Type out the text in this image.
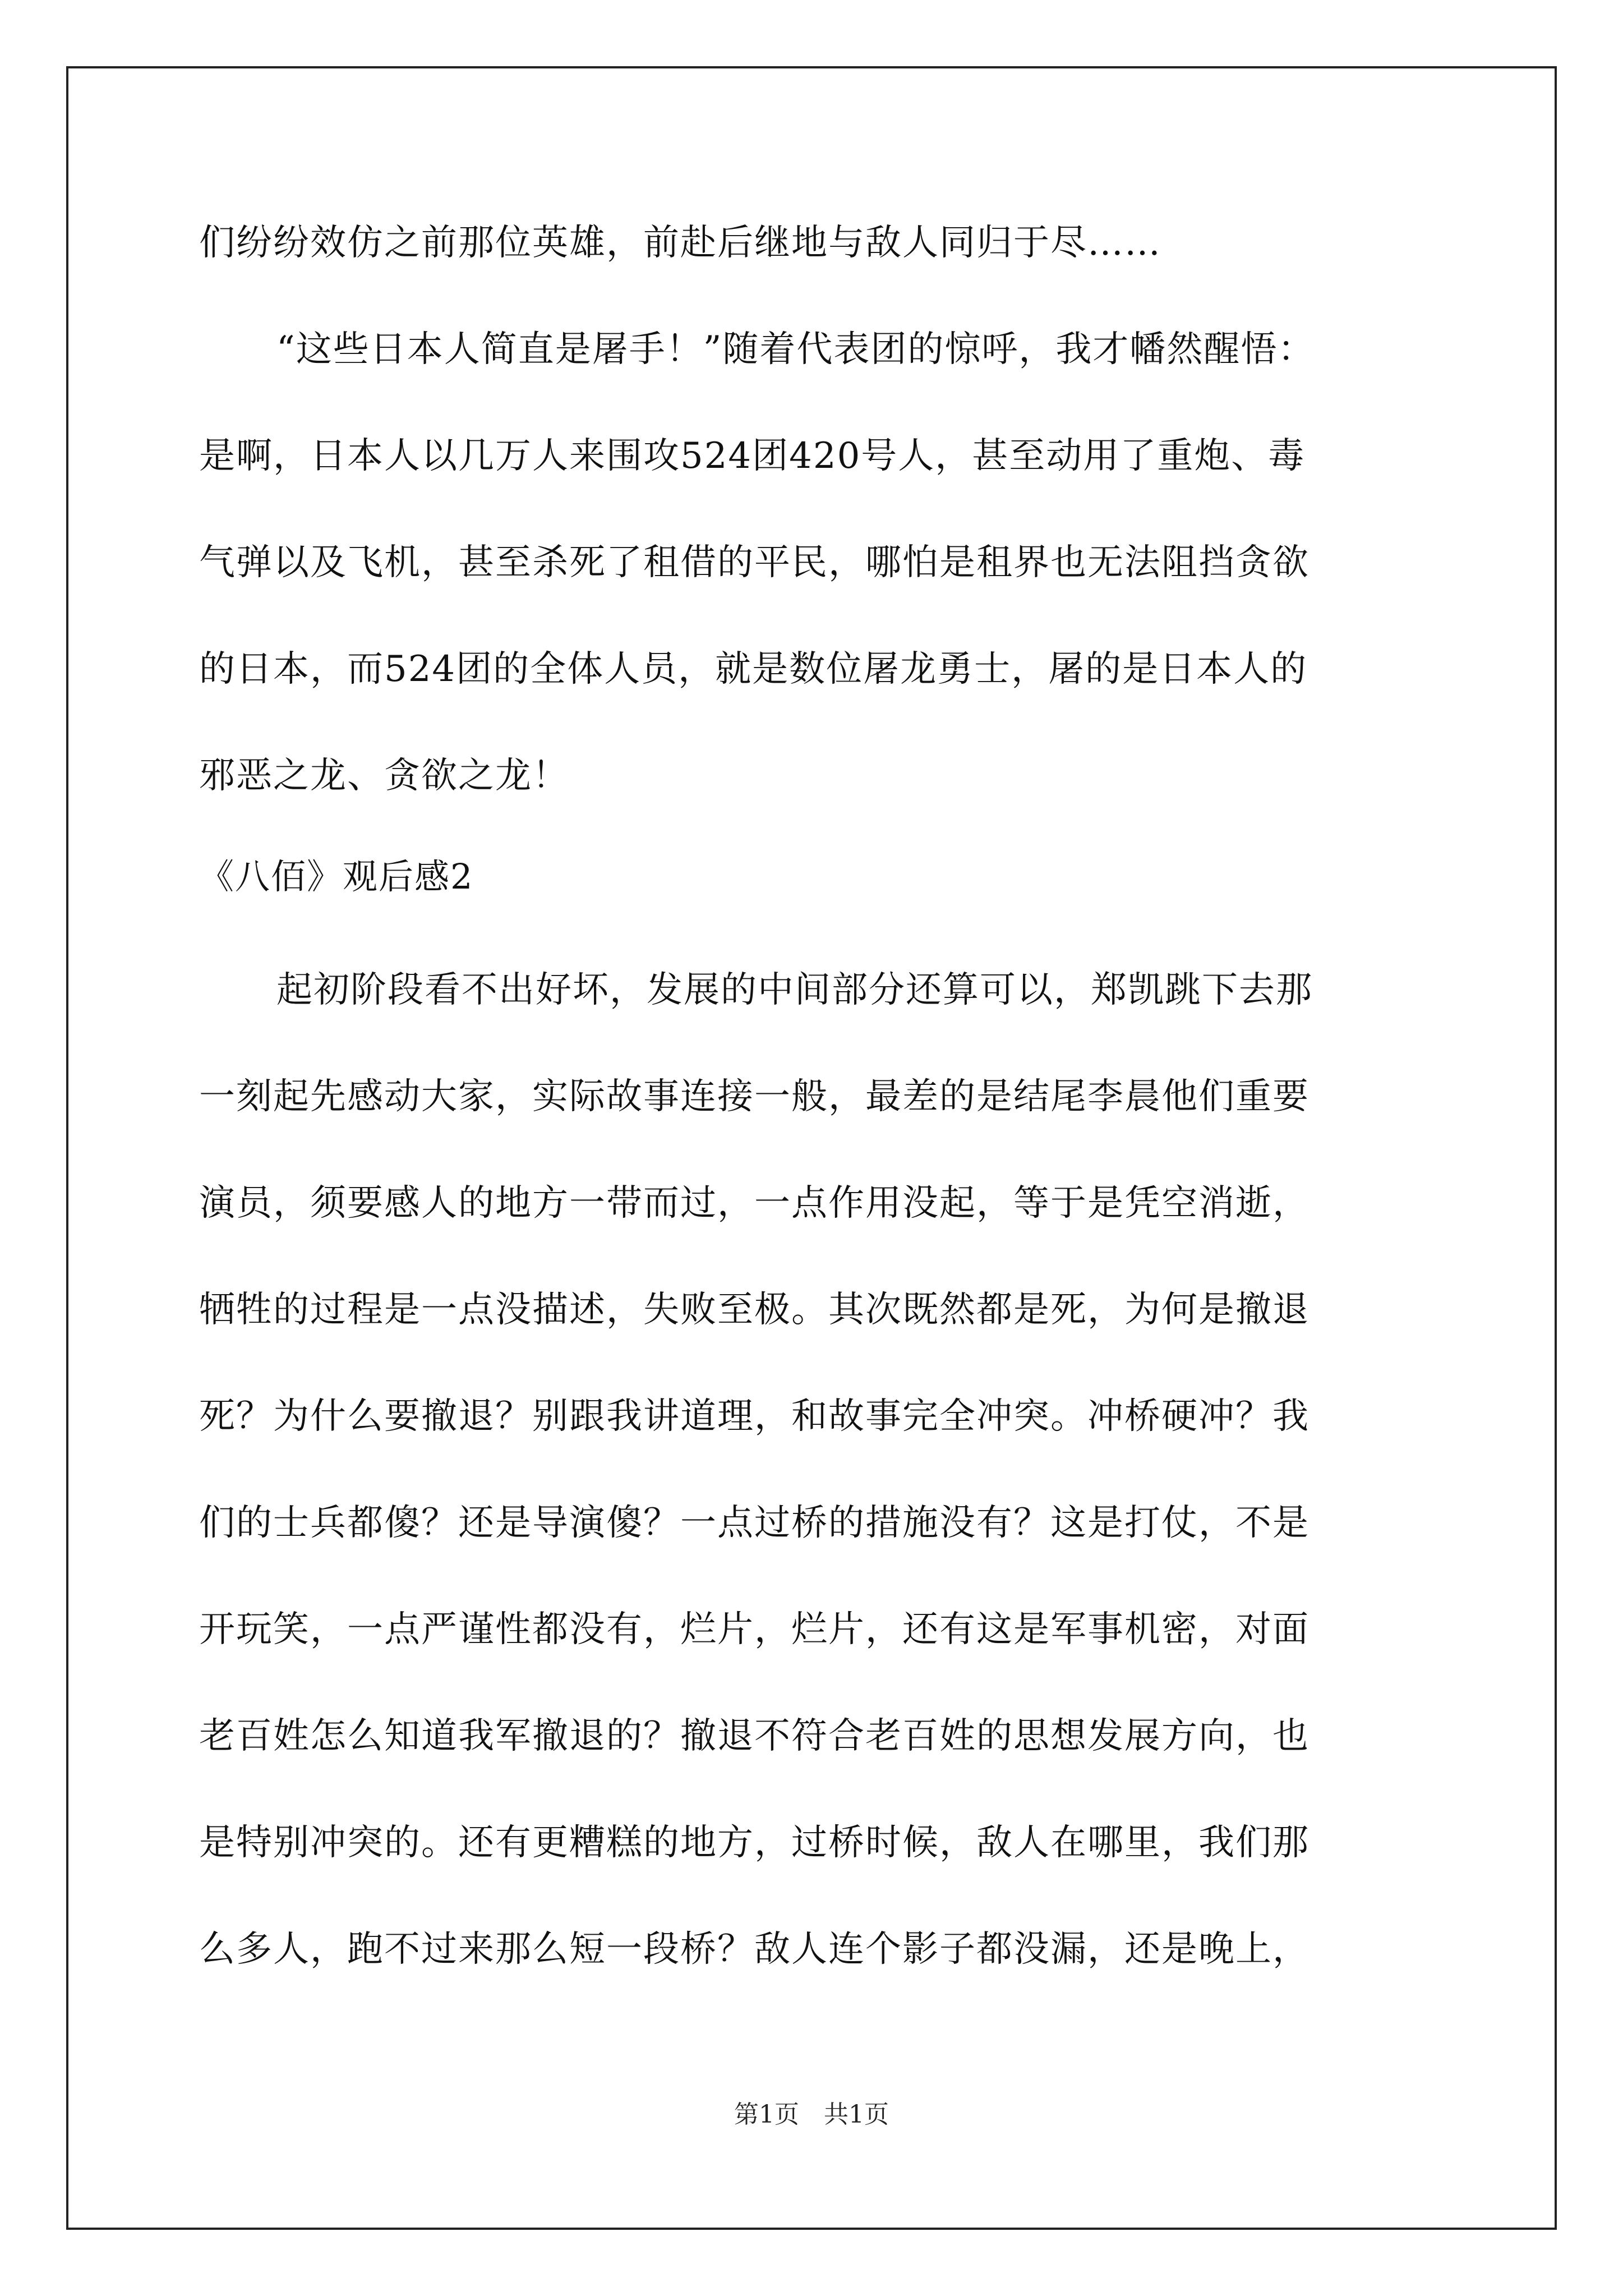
们纷纷效仿之前那位英雄，前赴后继地与敌人同归于尽……
“这些日本人简直是屠手！”随着代表团的惊呼，我才幡然醒悟：
是啊，日本人以几万人来围攻524团420号人，甚至动用了重炮、毒
气弹以及飞机，甚至杀死了租借的平民，哪怕是租界也无法阻挡贪欲
的日本，而524团的全体人员，就是数位屠龙勇士，屠的是日本人的
邪恶之龙、贪欲之龙！
《八佰》观后感2
起初阶段看不出好坏，发展的中间部分还算可以，郑凯跳下去那
一刻起先感动大家，实际故事连接一般，最差的是结尾李晨他们重要
演员，须要感人的地方一带而过，一点作用没起，等于是凭空消逝，
牺牲的过程是一点没描述，失败至极。其次既然都是死，为何是撤退
死？为什么要撤退？别跟我讲道理，和故事完全冲突。冲桥硬冲？我
们的士兵都傻？还是导演傻？一点过桥的措施没有？这是打仗，不是
开玩笑，一点严谨性都没有，烂片，烂片，还有这是军事机密，对面
老百姓怎么知道我军撤退的？撤退不符合老百姓的思想发展方向，也
是特别冲突的。还有更糟糕的地方，过桥时候，敌人在哪里，我们那
么多人，跑不过来那么短一段桥？敌人连个影子都没漏，还是晚上，
第1页　共1页
